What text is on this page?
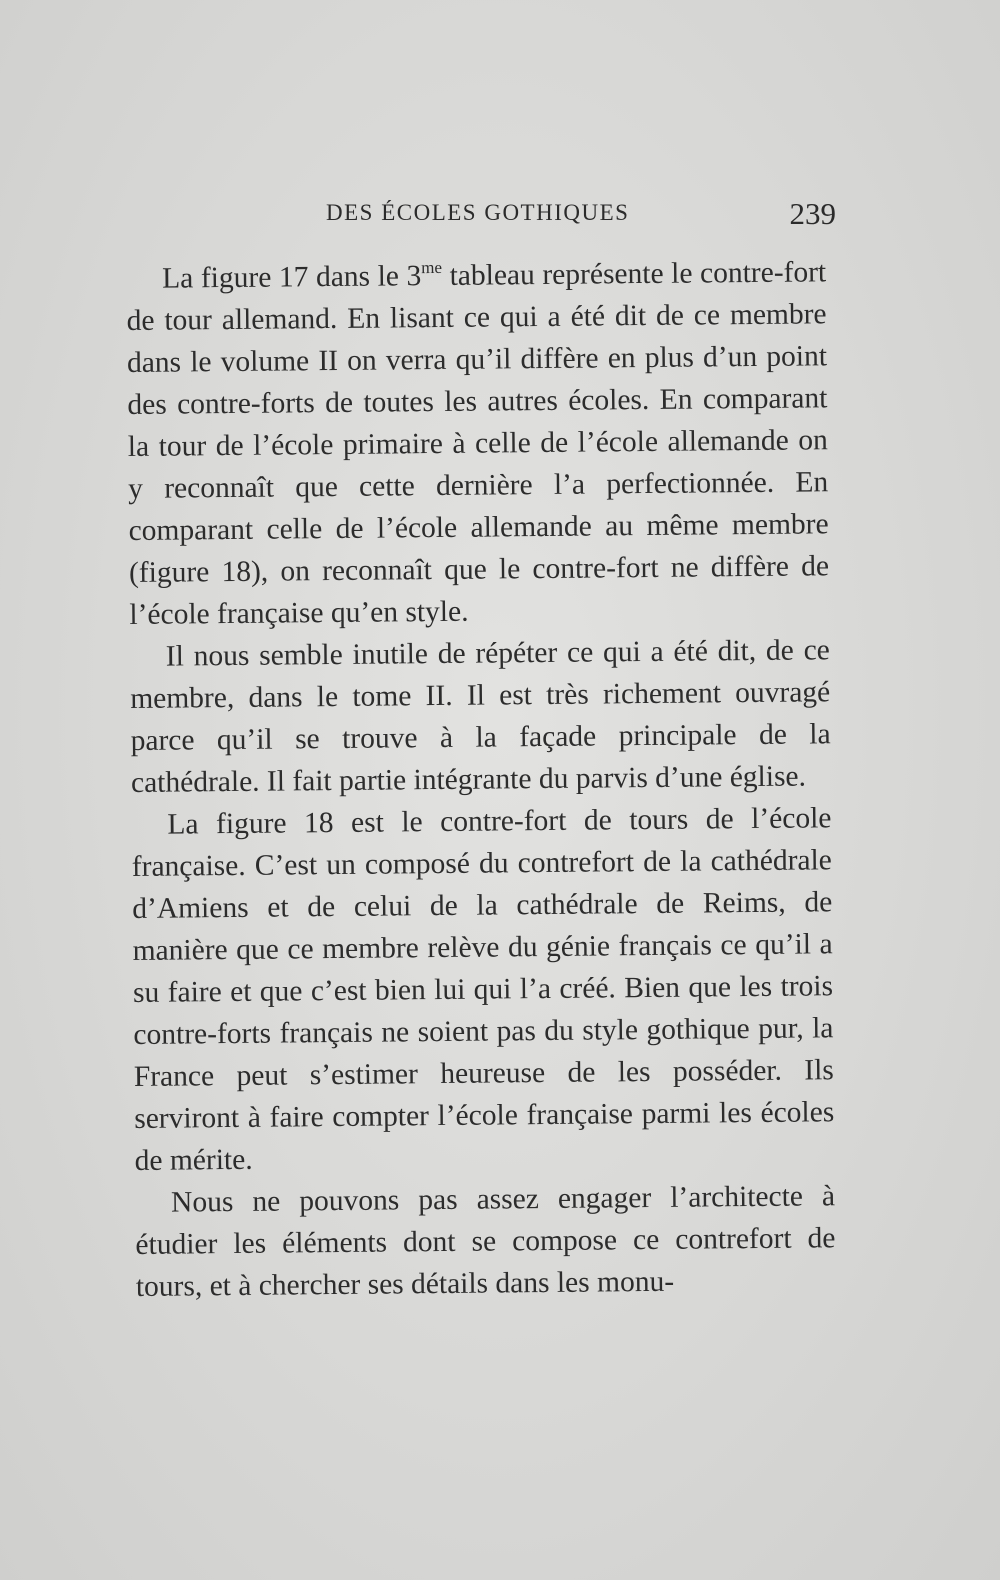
DES ÉCOLES GOTHIQUES	239

La figure 17 dans le $3^{me}$ tableau représente le contre-fort de tour allemand. En lisant ce qui a été dit de ce membre dans le volume II on verra qu’il diffère en plus d’un point des contre-forts de toutes les autres écoles. En comparant la tour de l’école primaire à celle de l’école allemande on y reconnaît que cette dernière l’a perfectionnée. En comparant celle de l’école allemande au même membre (figure 18), on reconnaît que le contre-fort ne diffère de l’école française qu’en style.

Il nous semble inutile de répéter ce qui a été dit, de ce membre, dans le tome II. Il est très richement ouvragé parce qu’il se trouve à la façade principale de la cathédrale. Il fait partie intégrante du parvis d’une église.

La figure 18 est le contre-fort de tours de l’école française. C’est un composé du contrefort de la cathédrale d’Amiens et de celui de la cathédrale de Reims, de manière que ce membre relève du génie français ce qu’il a su faire et que c’est bien lui qui l’a créé. Bien que les trois contre-forts français ne soient pas du style gothique pur, la France peut s’estimer heureuse de les posséder. Ils serviront à faire compter l’école française parmi les écoles de mérite.

Nous ne pouvons pas assez engager l’architecte à étudier les éléments dont se compose ce contrefort de tours, et à chercher ses détails dans les monu-
